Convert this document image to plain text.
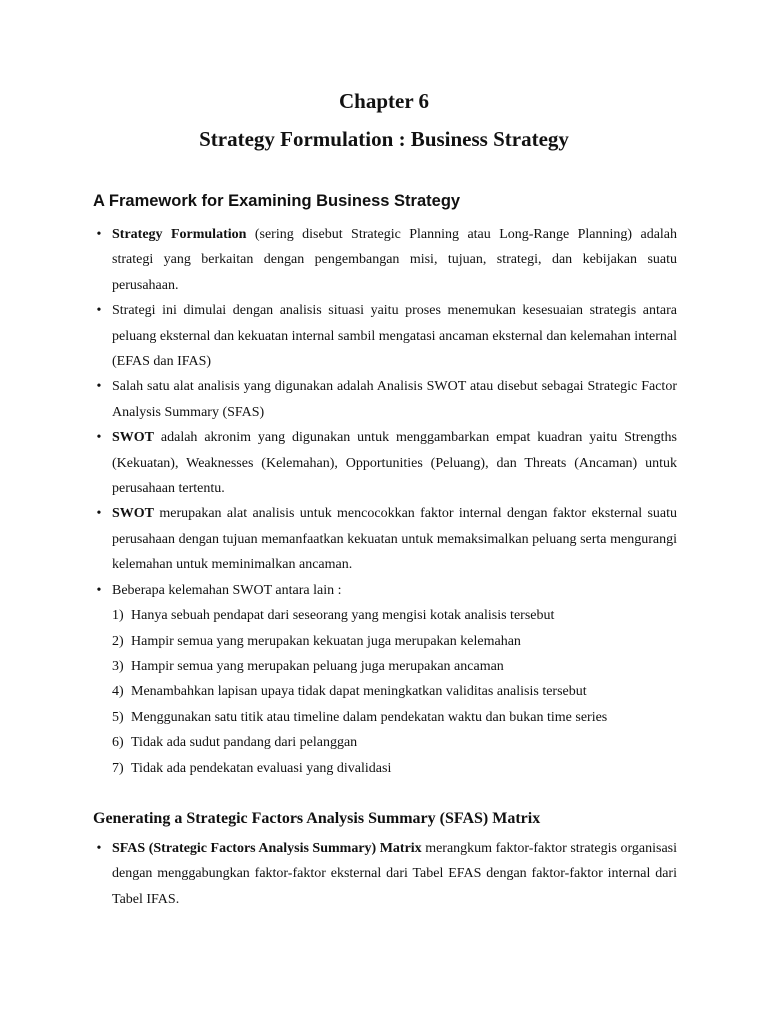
Chapter 6
Strategy Formulation : Business Strategy
A Framework for Examining Business Strategy
• Strategy Formulation (sering disebut Strategic Planning atau Long-Range Planning) adalah strategi yang berkaitan dengan pengembangan misi, tujuan, strategi, dan kebijakan suatu perusahaan.
• Strategi ini dimulai dengan analisis situasi yaitu proses menemukan kesesuaian strategis antara peluang eksternal dan kekuatan internal sambil mengatasi ancaman eksternal dan kelemahan internal (EFAS dan IFAS)
• Salah satu alat analisis yang digunakan adalah Analisis SWOT atau disebut sebagai Strategic Factor Analysis Summary (SFAS)
• SWOT adalah akronim yang digunakan untuk menggambarkan empat kuadran yaitu Strengths (Kekuatan), Weaknesses (Kelemahan), Opportunities (Peluang), dan Threats (Ancaman) untuk perusahaan tertentu.
• SWOT merupakan alat analisis untuk mencocokkan faktor internal dengan faktor eksternal suatu perusahaan dengan tujuan memanfaatkan kekuatan untuk memaksimalkan peluang serta mengurangi kelemahan untuk meminimalkan ancaman.
• Beberapa kelemahan SWOT antara lain :
1) Hanya sebuah pendapat dari seseorang yang mengisi kotak analisis tersebut
2) Hampir semua yang merupakan kekuatan juga merupakan kelemahan
3) Hampir semua yang merupakan peluang juga merupakan ancaman
4) Menambahkan lapisan upaya tidak dapat meningkatkan validitas analisis tersebut
5) Menggunakan satu titik atau timeline dalam pendekatan waktu dan bukan time series
6) Tidak ada sudut pandang dari pelanggan
7) Tidak ada pendekatan evaluasi yang divalidasi
Generating a Strategic Factors Analysis Summary (SFAS) Matrix
• SFAS (Strategic Factors Analysis Summary) Matrix merangkum faktor-faktor strategis organisasi dengan menggabungkan faktor-faktor eksternal dari Tabel EFAS dengan faktor-faktor internal dari Tabel IFAS.
